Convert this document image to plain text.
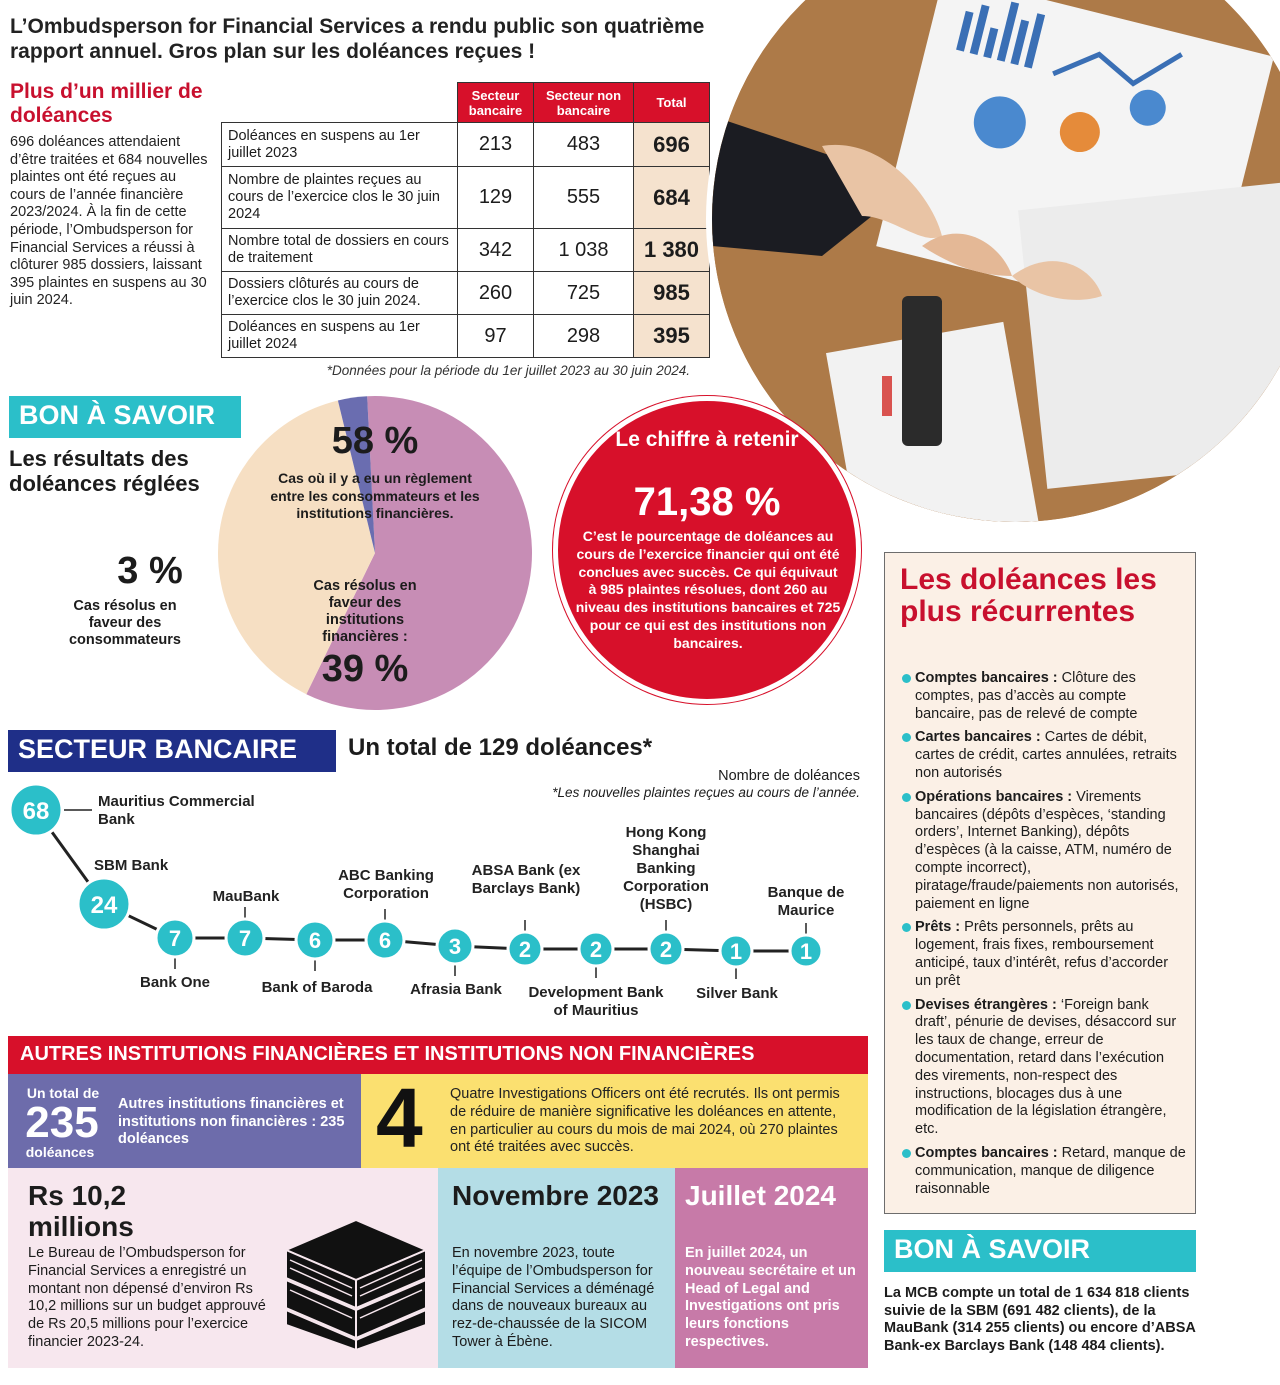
L’Ombudsperson for Financial Services a rendu public son quatrième rapport annuel. Gros plan sur les doléances reçues !
Plus d’un millier de doléances
696 doléances attendaient d’être traitées et 684 nouvelles plaintes ont été reçues au cours de l’année financière 2023/2024. À la fin de cette période, l’Ombudsperson for Financial Services a réussi à clôturer 985 dossiers, laissant 395 plaintes en suspens au 30 juin 2024.
	Secteur bancaire	Secteur non bancaire	Total
Doléances en suspens au 1er juillet 2023	213	483	696
Nombre de plaintes reçues au cours de l’exercice clos le 30 juin 2024	129	555	684
Nombre total de dossiers en cours de traitement	342	1 038	1 380
Dossiers clôturés au cours de l’exercice clos le 30 juin 2024.	260	725	985
Doléances en suspens au 1er juillet 2024	97	298	395
*Données pour la période du 1er juillet 2023 au 30 juin 2024.
BON À SAVOIR
Les résultats des doléances réglées
3 %
Cas résolus en faveur des consommateurs
58 %
Cas où il y a eu un règlement entre les consommateurs et les institutions financières.
Cas résolus en faveur des institutions financières :
39 %
Le chiffre à retenir
71,38 %
C’est le pourcentage de doléances au cours de l’exercice financier qui ont été conclues avec succès. Ce qui équivaut à 985 plaintes résolues, dont 260 au niveau des institutions bancaires et 725 pour ce qui est des institutions non bancaires.
Les doléances les plus récurrentes
Comptes bancaires : Clôture des comptes, pas d’accès au compte bancaire, pas de relevé de compte
Cartes bancaires : Cartes de débit, cartes de crédit, cartes annulées, retraits non autorisés
Opérations bancaires : Virements bancaires (dépôts d’espèces, ‘standing orders’, Internet Banking), dépôts d’espèces (à la caisse, ATM, numéro de compte incorrect), piratage/fraude/paiements non autorisés, paiement en ligne
Prêts : Prêts personnels, prêts au logement, frais fixes, remboursement anticipé, taux d’intérêt, refus d’accorder un prêt
Devises étrangères : ‘Foreign bank draft’, pénurie de devises, désaccord sur les taux de change, erreur de documentation, retard dans l’exécution des virements, non-respect des instructions, blocages dus à une modification de la législation étrangère, etc.
Comptes bancaires : Retard, manque de communication, manque de diligence raisonnable
SECTEUR BANCAIRE	Un total de 129 doléances*
Nombre de doléances
*Les nouvelles plaintes reçues au cours de l’année.
68
24
7	7	6	6	3	2	2	2	1	1
Mauritius Commercial Bank
SBM Bank
Bank One
MauBank
Bank of Baroda
ABC Banking Corporation
Afrasia Bank
ABSA Bank (ex Barclays Bank)
Development Bank of Mauritius
Hong Kong Shanghai Banking Corporation (HSBC)
Silver Bank
Banque de Maurice
AUTRES INSTITUTIONS FINANCIÈRES ET INSTITUTIONS NON FINANCIÈRES
Un total de
235
doléances
Autres institutions financières et institutions non financières : 235 doléances	4	Quatre Investigations Officers ont été recrutés. Ils ont permis de réduire de manière significative les doléances en attente, en particulier au cours du mois de mai 2024, où 270 plaintes ont été traitées avec succès.
Rs 10,2 millions
Le Bureau de l’Ombudsperson for Financial Services a enregistré un montant non dépensé d’environ Rs 10,2 millions sur un budget approuvé de Rs 20,5 millions pour l’exercice financier 2023-24.
Novembre 2023
En novembre 2023, toute l’équipe de l’Ombudsperson for Financial Services a déménagé dans de nouveaux bureaux au rez-de-chaussée de la SICOM Tower à Ébène.
Juillet 2024
En juillet 2024, un nouveau secrétaire et un Head of Legal and Investigations ont pris leurs fonctions respectives.
BON À SAVOIR
La MCB compte un total de 1 634 818 clients suivie de la SBM (691 482 clients), de la MauBank (314 255 clients) ou encore d’ABSA Bank-ex Barclays Bank (148 484 clients).
